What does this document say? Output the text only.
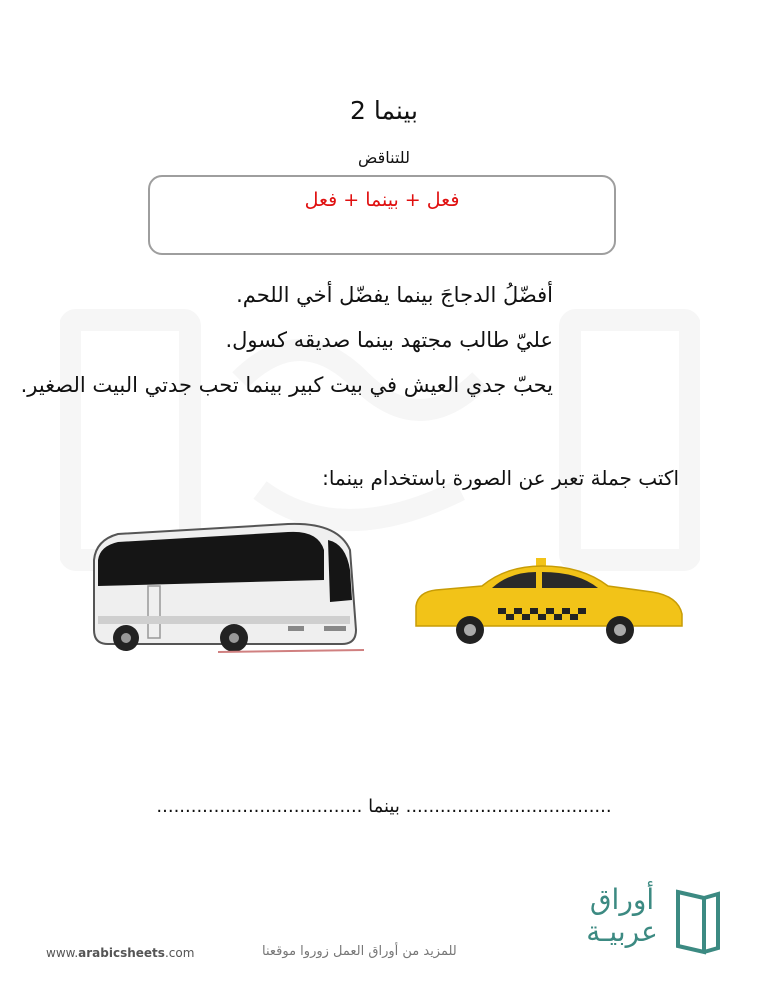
بينما 2
للتناقض
فعل + بينما + فعل
أفضّلُ الدجاجَ بينما يفضّل أخي اللحم.
عليّ طالب مجتهد بينما صديقه كسول.
يحبّ جدي العيش في بيت كبير بينما تحب جدتي البيت الصغير.
اكتب جملة تعبر عن الصورة باستخدام بينما:
.................................... بينما ....................................
www.arabicsheets.com	للمزيد من أوراق العمل زوروا موقعنا
أوراق
عربيـة
